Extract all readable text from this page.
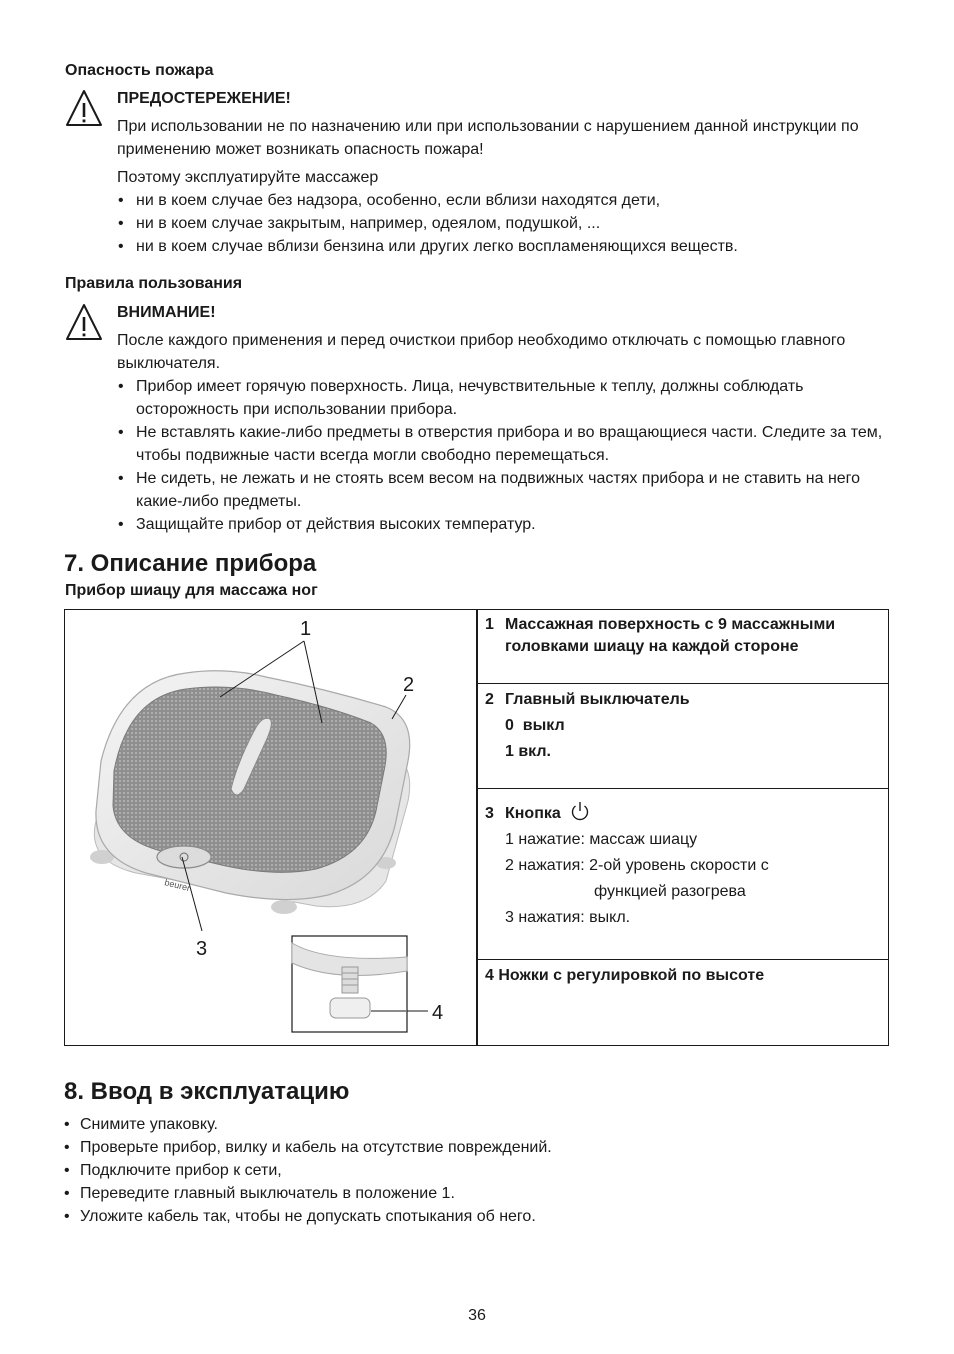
Опасность пожара
ПРЕДОСТЕРЕЖЕНИЕ!
При использовании не по назначению или при использовании с нарушением данной инструкции по применению может возникать опасность пожара!
Поэтому эксплуатируйте массажер
• ни в коем случае без надзора, особенно, если вблизи находятся дети,
• ни в коем случае закрытым, например, одеялом, подушкой, ...
• ни в коем случае вблизи бензина или других легко воспламеняющихся веществ.
Правила пользования
ВНИМАНИЕ!
После каждого применения и перед очисткои прибор необходимо отключать с помощью главного выключателя.
• Прибор имеет горячую поверхность. Лица, нечувствительные к теплу, должны соблюдать осторожность при использовании прибора.
• Не вставлять какие-либо предметы в отверстия прибора и во вращающиеся части. Следите за тем, чтобы подвижные части всегда могли свободно перемещаться.
• Не сидеть, не лежать и не стоять всем весом на подвижных частях прибора и не ставить на него какие-либо предметы.
• Защищайте прибор от действия высоких температур.
7. Описание прибора
Прибор шиацу для массажа ног
beurer
1
2
3
4
1 Массажная поверхность с 9 массажными головками шиацу на каждой стороне
2 Главный выключатель
0  выкл
1 вкл.
3 Кнопка
1 нажатие: массаж шиацу
2 нажатия: 2-ой уровень скорости с
функцией разогрева
3 нажатия: выкл.
4 Ножки с регулировкой по высоте
8. Ввод в эксплуатацию
• Снимите упаковку.
• Проверьте прибор, вилку и кабель на отсутствие повреждений.
• Подключите прибор к сети,
• Переведите главный выключатель в положение 1.
• Уложите кабель так, чтобы не допускать спотыкания об него.
36
